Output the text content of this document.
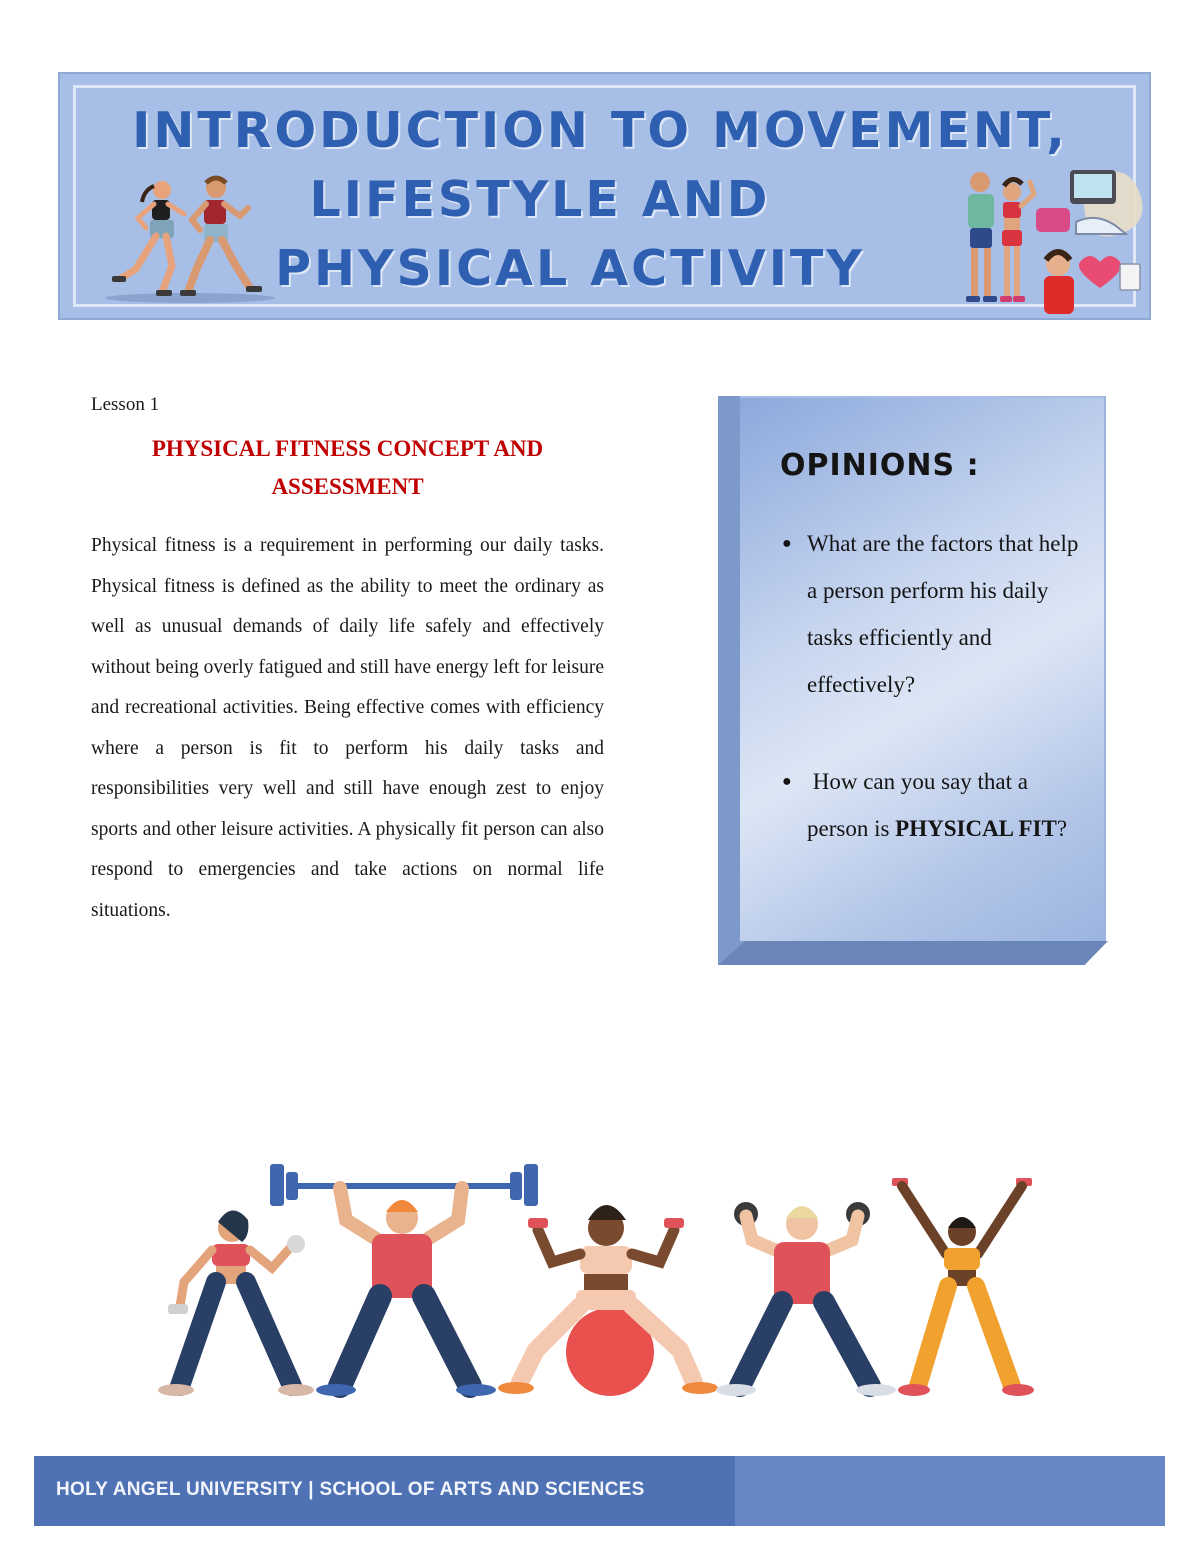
INTRODUCTION TO MOVEMENT,
LIFESTYLE AND
PHYSICAL ACTIVITY
Lesson 1
PHYSICAL FITNESS CONCEPT AND
ASSESSMENT

Physical fitness is a requirement in performing our daily tasks. Physical fitness is defined as the ability to meet the ordinary as well as unusual demands of daily life safely and effectively without being overly fatigued and still have energy left for leisure and recreational activities. Being effective comes with efficiency where a person is fit to perform his daily tasks and responsibilities very well and still have enough zest to enjoy sports and other leisure activities. A physically fit person can also respond to emergencies and take actions on normal life situations.

OPINIONS :
● What are the factors that help a person perform his daily tasks efficiently and effectively?
● How can you say that a person is PHYSICAL FIT?
HOLY ANGEL UNIVERSITY | SCHOOL OF ARTS AND SCIENCES
